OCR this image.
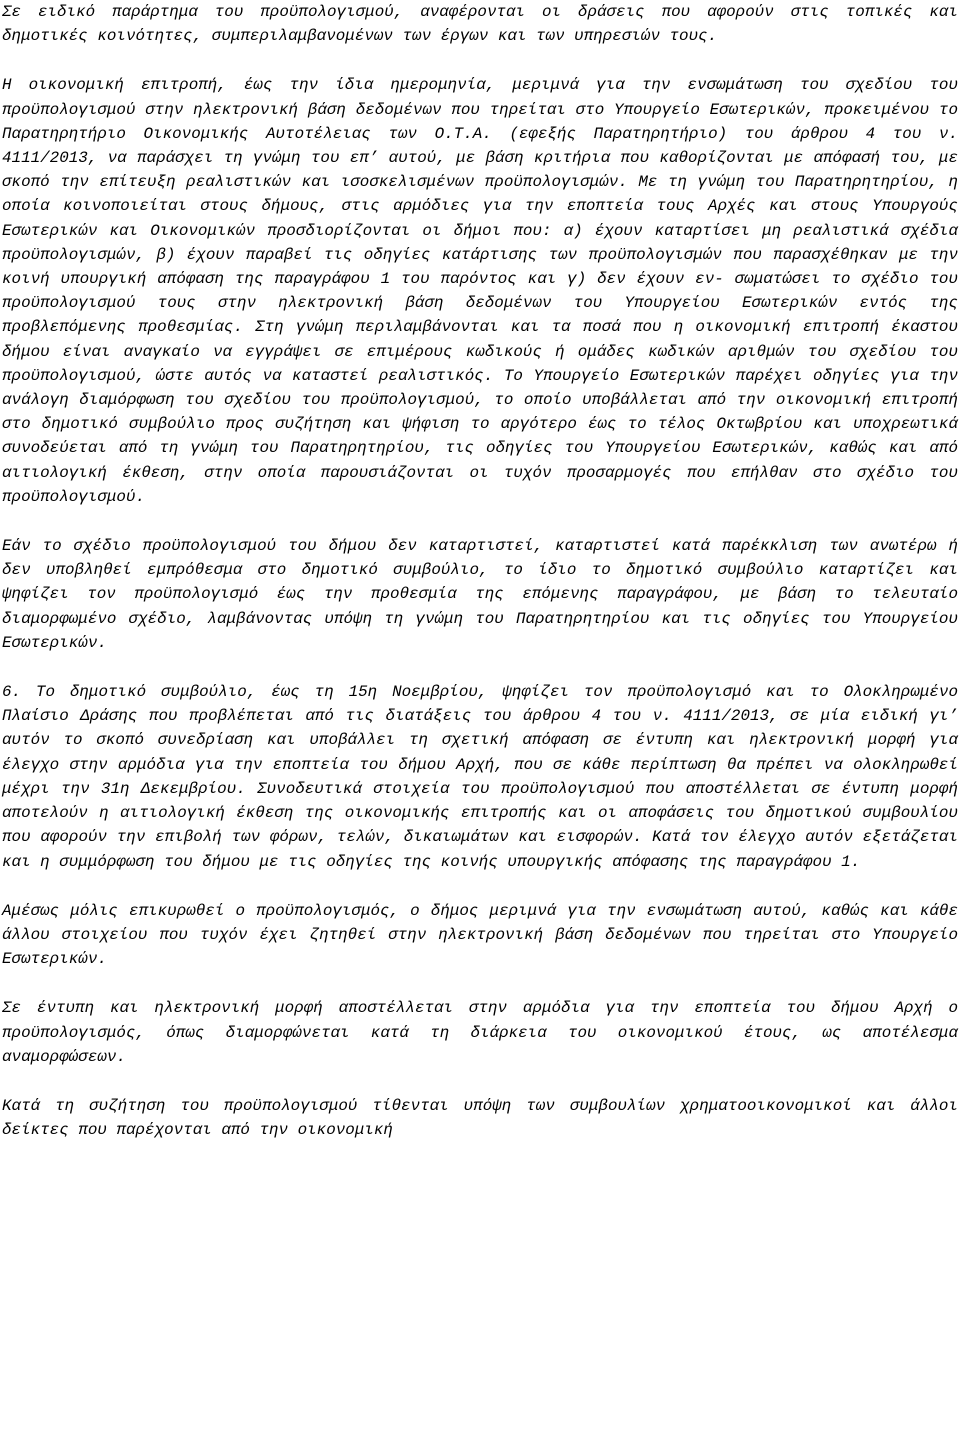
Σε ειδικό παράρτημα του προϋπολογισμού, αναφέρονται οι δράσεις που αφορούν στις τοπικές και δημοτικές κοινότητες, συμπεριλαμβανομένων των έργων και των υπηρεσιών τους.

Η οικονομική επιτροπή, έως την ίδια ημερομηνία, μεριμνά για την ενσωμάτωση του σχεδίου του προϋπολογισμού στην ηλεκτρονική βάση δεδομένων που τηρείται στο Υπουργείο Εσωτερικών, προκειμένου το Παρατηρητήριο Οικονομικής Αυτοτέλειας των Ο.Τ.Α. (εφεξής Παρατηρητήριο) του άρθρου 4 του ν. 4111/2013, να παράσχει τη γνώμη του επ’ αυτού, με βάση κριτήρια που καθορίζονται με απόφασή του, με σκοπό την επίτευξη ρεαλιστικών και ισοσκελισμένων προϋπολογισμών. Με τη γνώμη του Παρατηρητηρίου, η οποία κοινοποιείται στους δήμους, στις αρμόδιες για την εποπτεία τους Αρχές και στους Υπουργούς Εσωτερικών και Οικονομικών προσδιορίζονται οι δήμοι που: α) έχουν καταρτίσει μη ρεαλιστικά σχέδια προϋπολογισμών, β) έχουν παραβεί τις οδηγίες κατάρτισης των προϋπολογισμών που παρασχέθηκαν με την κοινή υπουργική απόφαση της παραγράφου 1 του παρόντος και γ) δεν έχουν εν- σωματώσει το σχέδιο του προϋπολογισμού τους στην ηλεκτρονική βάση δεδομένων του Υπουργείου Εσωτερικών εντός της προβλεπόμενης προθεσμίας. Στη γνώμη περιλαμβάνονται και τα ποσά που η οικονομική επιτροπή έκαστου δήμου είναι αναγκαίο να εγγράψει σε επιμέρους κωδικούς ή ομάδες κωδικών αριθμών του σχεδίου του προϋπολογισμού, ώστε αυτός να καταστεί ρεαλιστικός. Το Υπουργείο Εσωτερικών παρέχει οδηγίες για την ανάλογη διαμόρφωση του σχεδίου του προϋπολογισμού, το οποίο υποβάλλεται από την οικονομική επιτροπή στο δημοτικό συμβούλιο προς συζήτηση και ψήφιση το αργότερο έως το τέλος Οκτωβρίου και υποχρεωτικά συνοδεύεται από τη γνώμη του Παρατηρητηρίου, τις οδηγίες του Υπουργείου Εσωτερικών, καθώς και από αιτιολογική έκθεση, στην οποία παρουσιάζονται οι τυχόν προσαρμογές που επήλθαν στο σχέδιο του προϋπολογισμού.

Εάν το σχέδιο προϋπολογισμού του δήμου δεν καταρτιστεί, καταρτιστεί κατά παρέκκλιση των ανωτέρω ή δεν υποβληθεί εμπρόθεσμα στο δημοτικό συμβούλιο, το ίδιο το δημοτικό συμβούλιο καταρτίζει και ψηφίζει τον προϋπολογισμό έως την προθεσμία της επόμενης παραγράφου, με βάση το τελευταίο διαμορφωμένο σχέδιο, λαμβάνοντας υπόψη τη γνώμη του Παρατηρητηρίου και τις οδηγίες του Υπουργείου Εσωτερικών.

6. Το δημοτικό συμβούλιο, έως τη 15η Νοεμβρίου, ψηφίζει τον προϋπολογισμό και το Ολοκληρωμένο Πλαίσιο Δράσης που προβλέπεται από τις διατάξεις του άρθρου 4 του ν. 4111/2013, σε μία ειδική γι’ αυτόν το σκοπό συνεδρίαση και υποβάλλει τη σχετική απόφαση σε έντυπη και ηλεκτρονική μορφή για έλεγχο στην αρμόδια για την εποπτεία του δήμου Αρχή, που σε κάθε περίπτωση θα πρέπει να ολοκληρωθεί μέχρι την 31η Δεκεμβρίου. Συνοδευτικά στοιχεία του προϋπολογισμού που αποστέλλεται σε έντυπη μορφή αποτελούν η αιτιολογική έκθεση της οικονομικής επιτροπής και οι αποφάσεις του δημοτικού συμβουλίου που αφορούν την επιβολή των φόρων, τελών, δικαιωμάτων και εισφορών. Κατά τον έλεγχο αυτόν εξετάζεται και η συμμόρφωση του δήμου με τις οδηγίες της κοινής υπουργικής απόφασης της παραγράφου 1.

Αμέσως μόλις επικυρωθεί ο προϋπολογισμός, ο δήμος μεριμνά για την ενσωμάτωση αυτού, καθώς και κάθε άλλου στοιχείου που τυχόν έχει ζητηθεί στην ηλεκτρονική βάση δεδομένων που τηρείται στο Υπουργείο Εσωτερικών.

Σε έντυπη και ηλεκτρονική μορφή αποστέλλεται στην αρμόδια για την εποπτεία του δήμου Αρχή ο προϋπολογισμός, όπως διαμορφώνεται κατά τη διάρκεια του οικονομικού έτους, ως αποτέλεσμα αναμορφώσεων.

Κατά τη συζήτηση του προϋπολογισμού τίθενται υπόψη των συμβουλίων χρηματοοικονομικοί και άλλοι δείκτες που παρέχονται από την οικονομική
